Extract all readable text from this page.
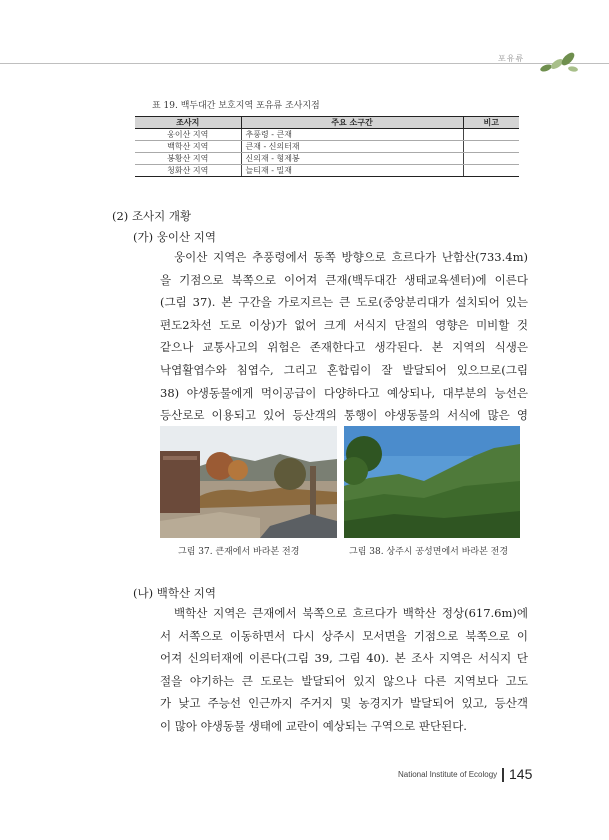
포유류
표 19. 백두대간 보호지역 포유류 조사지점
조사지	주요 소구간	비고
웅이산 지역	추풍령 - 큰재	
백학산 지역	큰재 - 신의터재	
봉황산 지역	신의재 - 형제봉	
청화산 지역	늘티재 - 밀재	
(2) 조사지 개황
(가) 웅이산 지역
웅이산 지역은 추풍령에서 동쪽 방향으로 흐르다가 난함산(733.4m)
을 기점으로 북쪽으로 이어져 큰재(백두대간 생태교육센터)에 이른다
(그림 37). 본 구간을 가로지르는 큰 도로(중앙분리대가 설치되어 있는
편도2차선 도로 이상)가 없어 크게 서식지 단절의 영향은 미비할 것
같으나 교통사고의 위험은 존재한다고 생각된다. 본 지역의 식생은
낙엽활엽수와 침엽수, 그리고 혼합림이 잘 발달되어 있으므로(그림
38) 야생동물에게 먹이공급이 다양하다고 예상되나, 대부분의 능선은
등산로로 이용되고 있어 등산객의 통행이 야생동물의 서식에 많은 영
그림 37. 큰재에서 바라본 전경	그림 38. 상주시 공성면에서 바라본 전경
(나) 백학산 지역
백학산 지역은 큰재에서 북쪽으로 흐르다가 백학산 정상(617.6m)에
서 서쪽으로 이동하면서 다시 상주시 모서면을 기점으로 북쪽으로 이
어져 신의터재에 이른다(그림 39, 그림 40). 본 조사 지역은 서식지 단
절을 야기하는 큰 도로는 발달되어 있지 않으나 다른 지역보다 고도
가 낮고 주능선 인근까지 주거지 및 농경지가 발달되어 있고, 등산객
이 많아 야생동물 생태에 교란이 예상되는 구역으로 판단된다.
National Institute of Ecology 145
